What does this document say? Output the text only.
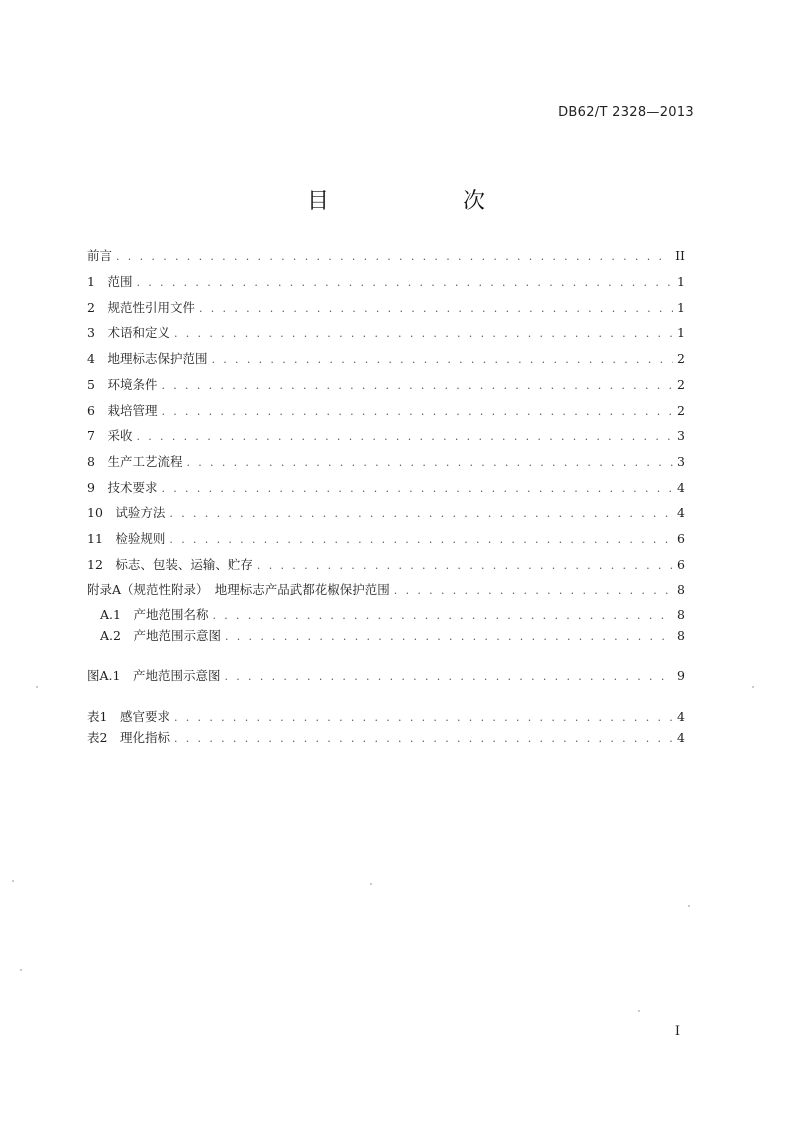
DB62/T 2328—2013
目　　次
前言 . . .	II
1　范围 . . .	1
2　规范性引用文件 . . .	1
3　术语和定义 . . .	1
4　地理标志保护范围 . . .	2
5　环境条件 . . .	2
6　栽培管理 . . .	2
7　采收 . . .	3
8　生产工艺流程 . . .	3
9　技术要求 . . .	4
10　试验方法 . . .	4
11　检验规则 . . .	6
12　标志、包装、运输、贮存 . . .	6
附录A（规范性附录）　地理标志产品武都花椒保护范围 . . .	8
A.1　产地范围名称 . . .	8
A.2　产地范围示意图 . . .	8
图A.1　产地范围示意图 . . .	9
表1　感官要求 . . .	4
表2　理化指标 . . .	4
I
